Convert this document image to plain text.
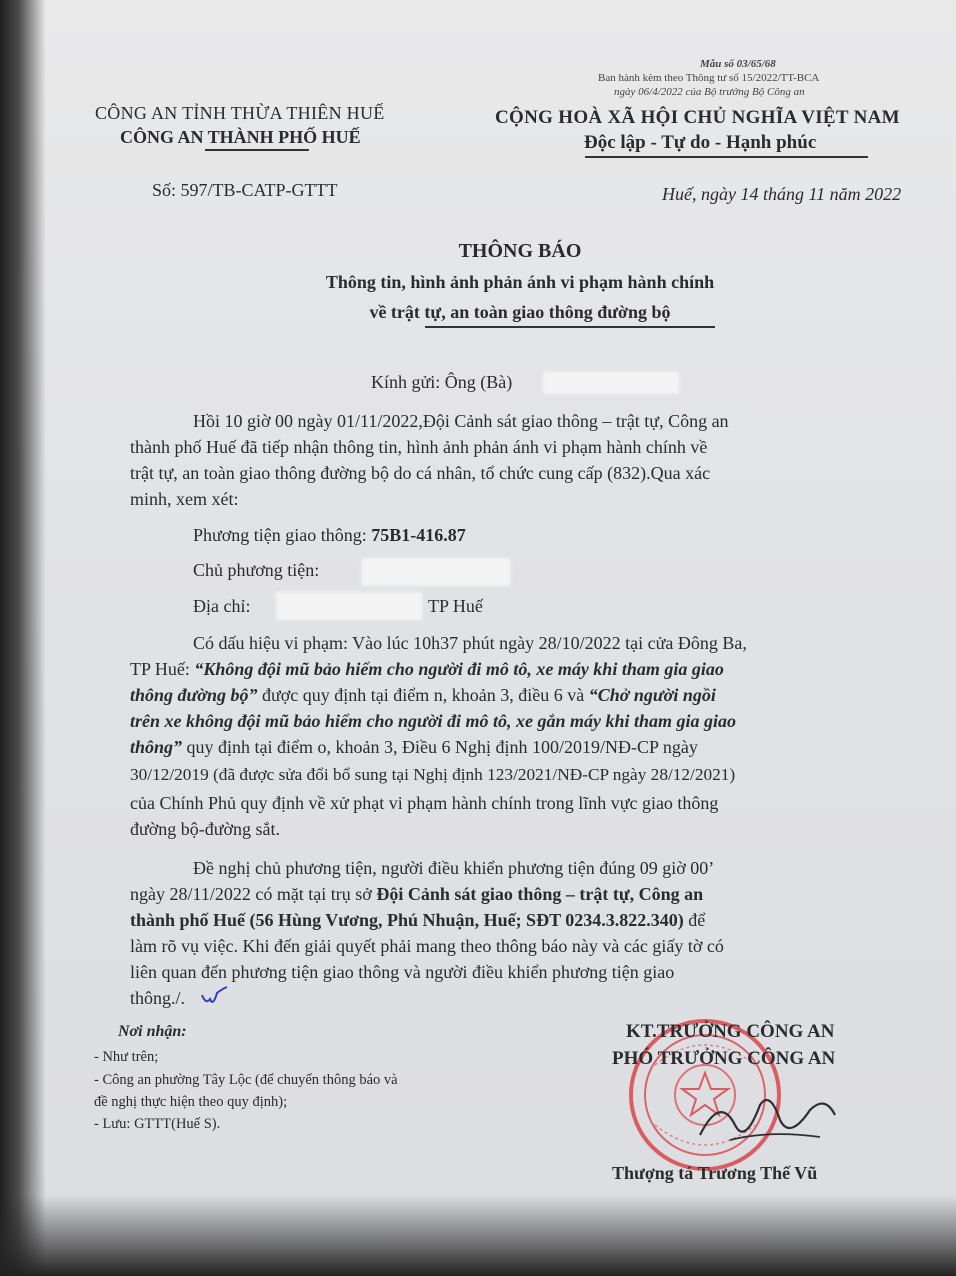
Mẫu số 03/65/68
Ban hành kèm theo Thông tư số 15/2022/TT-BCA
ngày 06/4/2022 của Bộ trưởng Bộ Công an
CÔNG AN TỈNH THỪA THIÊN HUẾ
CÔNG AN THÀNH PHỐ HUẾ
CỘNG HOÀ XÃ HỘI CHỦ NGHĨA VIỆT NAM
Độc lập - Tự do - Hạnh phúc
Số: 597/TB-CATP-GTTT	Huế, ngày 14 tháng 11 năm 2022
THÔNG BÁO
Thông tin, hình ảnh phản ánh vi phạm hành chính
về trật tự, an toàn giao thông đường bộ
Kính gửi: Ông (Bà)
Hồi 10 giờ 00 ngày 01/11/2022,Đội Cảnh sát giao thông – trật tự, Công an
thành phố Huế đã tiếp nhận thông tin, hình ảnh phản ánh vi phạm hành chính về
trật tự, an toàn giao thông đường bộ do cá nhân, tổ chức cung cấp (832).Qua xác
minh, xem xét:
Phương tiện giao thông: 75B1-416.87
Chủ phương tiện:
Địa chỉ:	TP Huế
Có dấu hiệu vi phạm: Vào lúc 10h37 phút ngày 28/10/2022 tại cửa Đông Ba,
TP Huế: “Không đội mũ bảo hiểm cho người đi mô tô, xe máy khi tham gia giao
thông đường bộ” được quy định tại điểm n, khoản 3, điều 6 và “Chở người ngồi
trên xe không đội mũ bảo hiểm cho người đi mô tô, xe gắn máy khi tham gia giao
thông” quy định tại điểm o, khoản 3, Điều 6 Nghị định 100/2019/NĐ-CP ngày
30/12/2019 (đã được sửa đổi bổ sung tại Nghị định 123/2021/NĐ-CP ngày 28/12/2021)
của Chính Phủ quy định về xử phạt vi phạm hành chính trong lĩnh vực giao thông
đường bộ-đường sắt.
Đề nghị chủ phương tiện, người điều khiển phương tiện đúng 09 giờ 00’
ngày 28/11/2022 có mặt tại trụ sở Đội Cảnh sát giao thông – trật tự, Công an
thành phố Huế (56 Hùng Vương, Phú Nhuận, Huế; SĐT 0234.3.822.340) để
làm rõ vụ việc. Khi đến giải quyết phải mang theo thông báo này và các giấy tờ có
liên quan đến phương tiện giao thông và người điều khiển phương tiện giao
thông./.
Nơi nhận:
- Như trên;
- Công an phường Tây Lộc (để chuyển thông báo và
đề nghị thực hiện theo quy định);
- Lưu: GTTT(Huế S).
KT.TRƯỞNG CÔNG AN
PHÓ TRƯỞNG CÔNG AN
Thượng tá Trương Thế Vũ
